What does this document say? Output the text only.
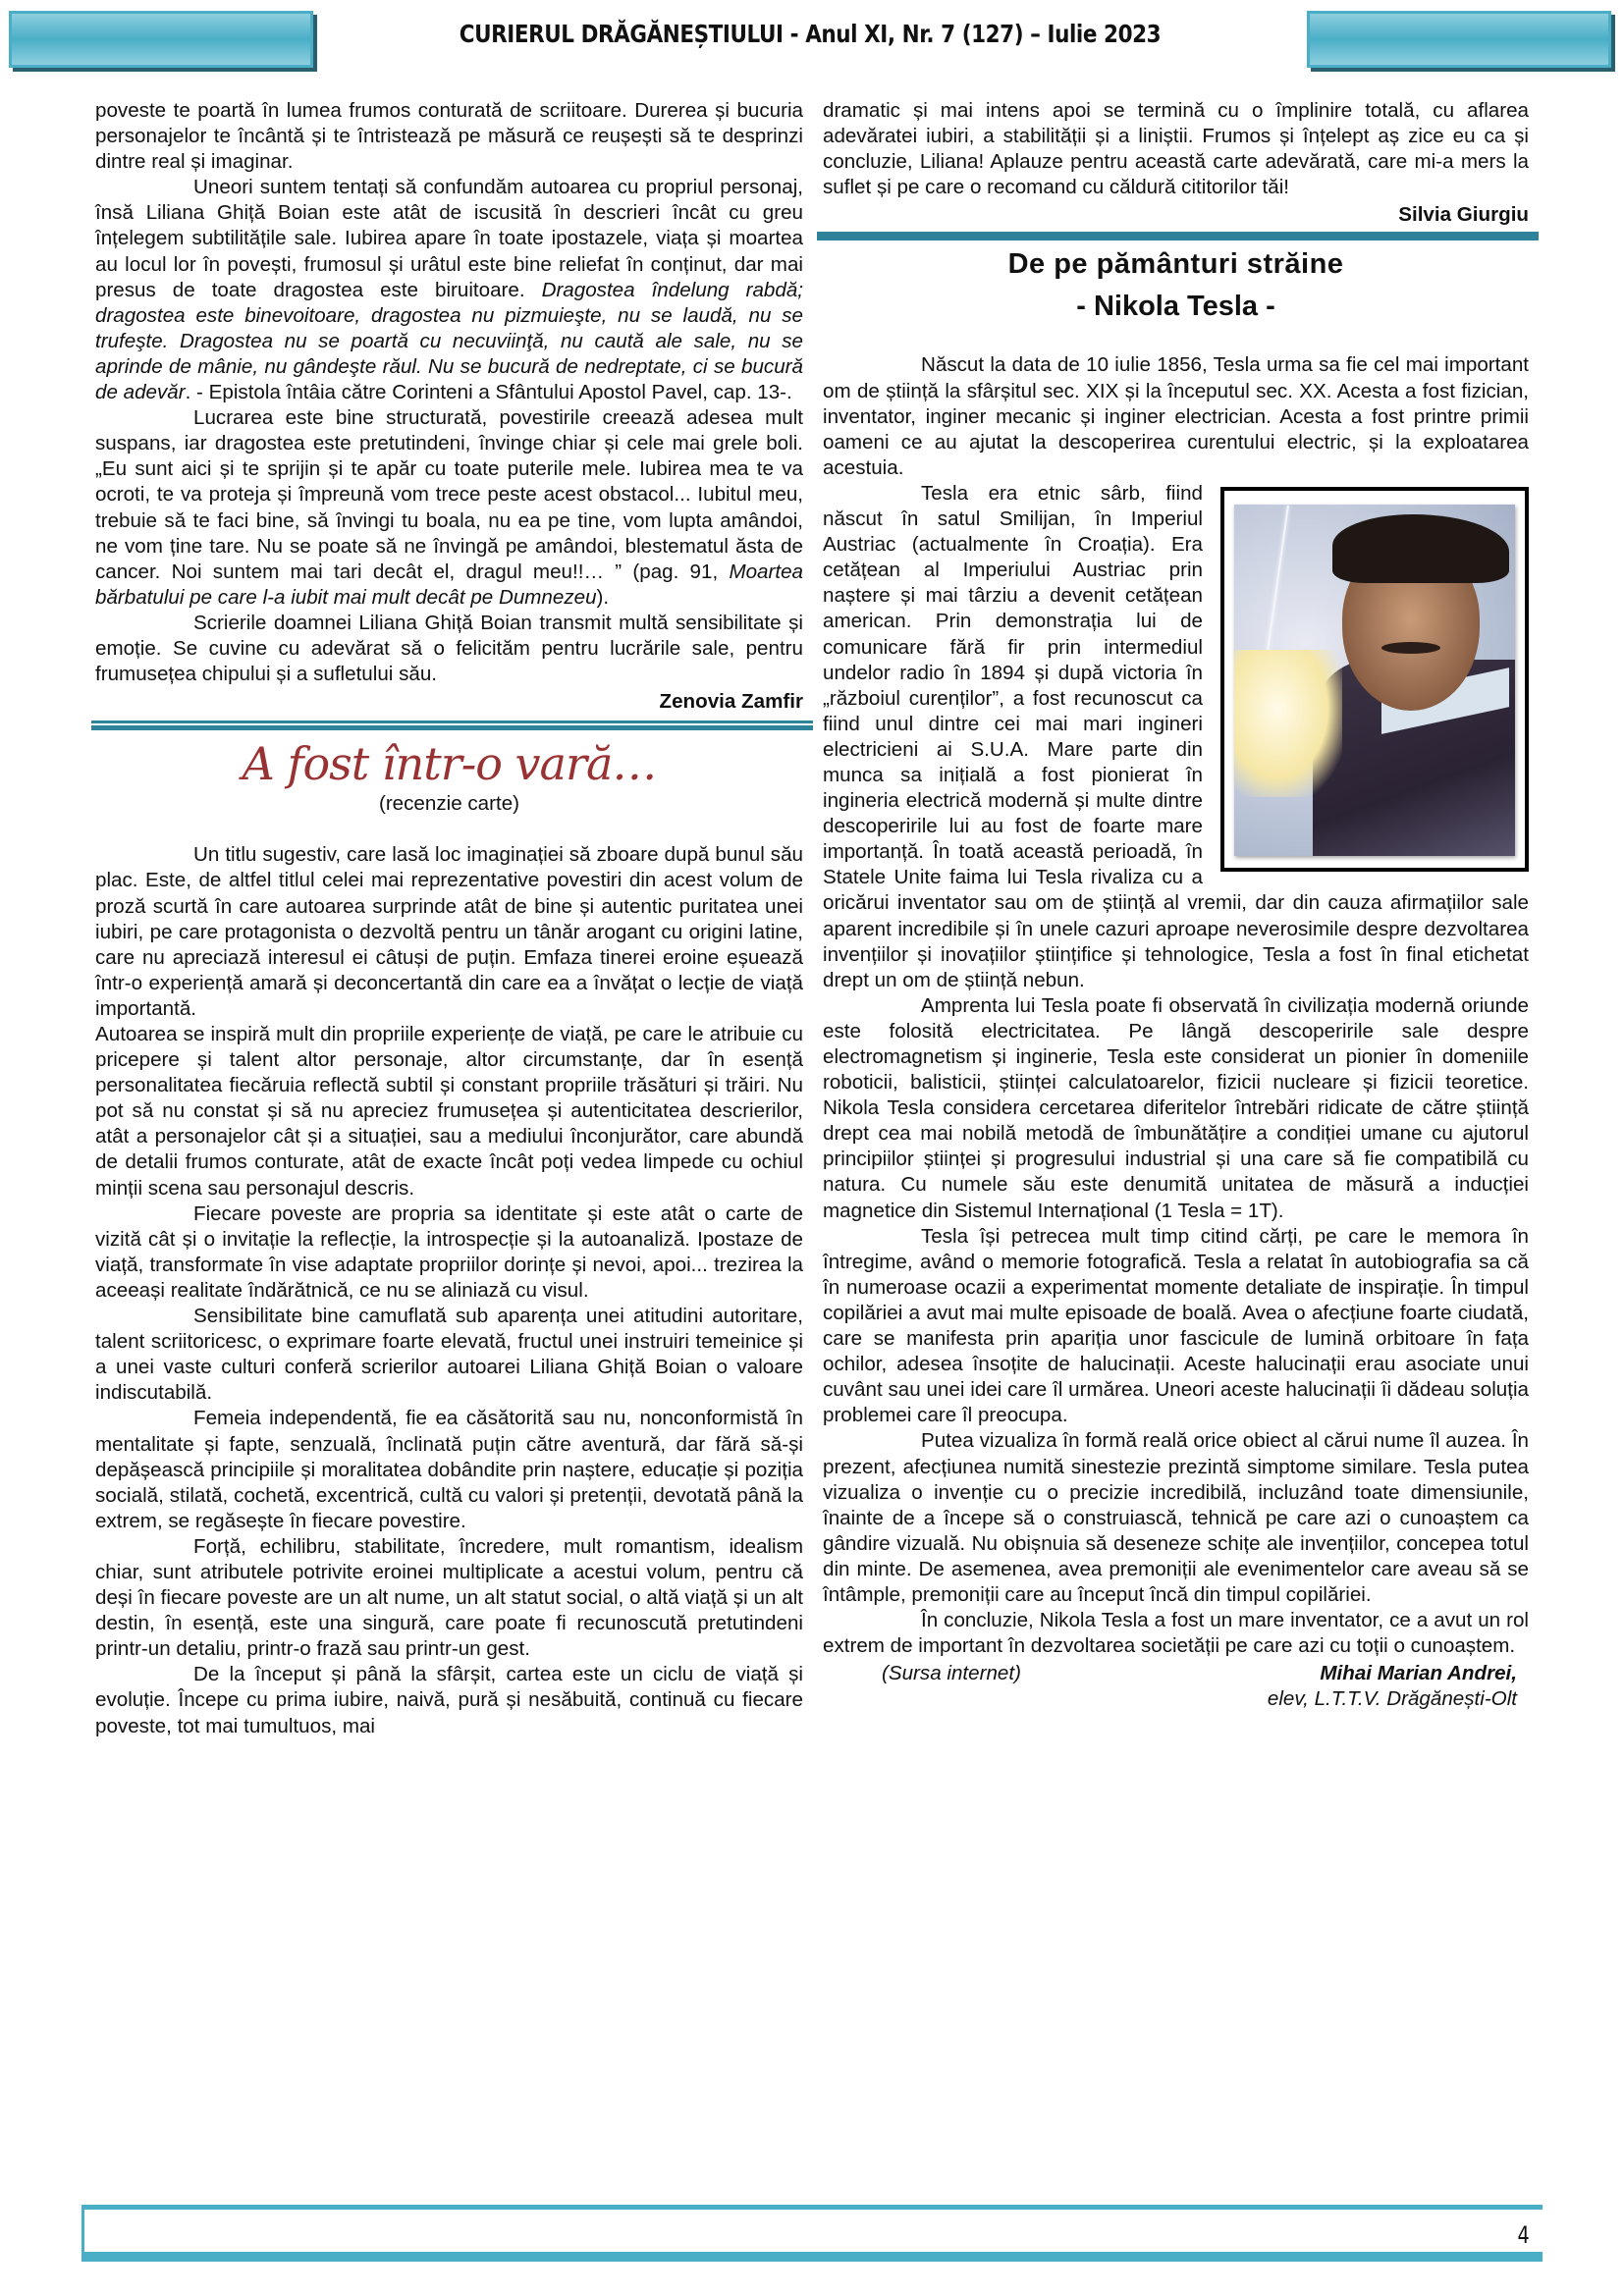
CURIERUL DRĂGĂNEȘTIULUI - Anul XI, Nr. 7 (127) – Iulie 2023

poveste te poartă în lumea frumos conturată de scriitoare. Durerea și bucuria personajelor te încântă și te întristează pe măsură ce reușești să te desprinzi dintre real și imaginar.

Uneori suntem tentați să confundăm autoarea cu propriul personaj, însă Liliana Ghiță Boian este atât de iscusită în descrieri încât cu greu înțelegem subtilitățile sale. Iubirea apare în toate ipostazele, viața și moartea au locul lor în povești, frumosul și urâtul este bine reliefat în conținut, dar mai presus de toate dragostea este biruitoare. Dragostea îndelung rabdă; dragostea este binevoitoare, dragostea nu pizmuieşte, nu se laudă, nu se trufeşte. Dragostea nu se poartă cu necuviinţă, nu caută ale sale, nu se aprinde de mânie, nu gândeşte răul. Nu se bucură de nedreptate, ci se bucură de adevăr. - Epistola întâia către Corinteni a Sfântului Apostol Pavel, cap. 13-.

Lucrarea este bine structurată, povestirile creează adesea mult suspans, iar dragostea este pretutindeni, învinge chiar și cele mai grele boli. „Eu sunt aici și te sprijin și te apăr cu toate puterile mele. Iubirea mea te va ocroti, te va proteja și împreună vom trece peste acest obstacol... Iubitul meu, trebuie să te faci bine, să învingi tu boala, nu ea pe tine, vom lupta amândoi, ne vom ține tare. Nu se poate să ne învingă pe amândoi, blestematul ăsta de cancer. Noi suntem mai tari decât el, dragul meu!!… ” (pag. 91, Moartea bărbatului pe care l-a iubit mai mult decât pe Dumnezeu).

Scrierile doamnei Liliana Ghiță Boian transmit multă sensibilitate și emoție. Se cuvine cu adevărat să o felicităm pentru lucrările sale, pentru frumusețea chipului și a sufletului său.

Zenovia Zamfir

A fost într-o vară…

(recenzie carte)

Un titlu sugestiv, care lasă loc imaginației să zboare după bunul său plac. Este, de altfel titlul celei mai reprezentative povestiri din acest volum de proză scurtă în care autoarea surprinde atât de bine și autentic puritatea unei iubiri, pe care protagonista o dezvoltă pentru un tânăr arogant cu origini latine, care nu apreciază interesul ei câtuși de puțin. Emfaza tinerei eroine eșuează într-o experiență amară și deconcertantă din care ea a învățat o lecție de viață importantă.

Autoarea se inspiră mult din propriile experiențe de viață, pe care le atribuie cu pricepere și talent altor personaje, altor circumstanțe, dar în esență personalitatea fiecăruia reflectă subtil și constant propriile trăsături și trăiri. Nu pot să nu constat și să nu apreciez frumusețea și autenticitatea descrierilor, atât a personajelor cât și a situației, sau a mediului înconjurător, care abundă de detalii frumos conturate, atât de exacte încât poți vedea limpede cu ochiul minții scena sau personajul descris.

Fiecare poveste are propria sa identitate și este atât o carte de vizită cât și o invitație la reflecție, la introspecție și la autoanaliză. Ipostaze de viață, transformate în vise adaptate propriilor dorințe și nevoi, apoi... trezirea la aceeași realitate îndărătnică, ce nu se aliniază cu visul.

Sensibilitate bine camuflată sub aparența unei atitudini autoritare, talent scriitoricesc, o exprimare foarte elevată, fructul unei instruiri temeinice și a unei vaste culturi conferă scrierilor autoarei Liliana Ghiță Boian o valoare indiscutabilă.

Femeia independentă, fie ea căsătorită sau nu, nonconformistă în mentalitate și fapte, senzuală, înclinată puțin către aventură, dar fără să-și depășească principiile și moralitatea dobândite prin naștere, educație și poziția socială, stilată, cochetă, excentrică, cultă cu valori și pretenții, devotată până la extrem, se regăsește în fiecare povestire.

Forță, echilibru, stabilitate, încredere, mult romantism, idealism chiar, sunt atributele potrivite eroinei multiplicate a acestui volum, pentru că deși în fiecare poveste are un alt nume, un alt statut social, o altă viață și un alt destin, în esență, este una singură, care poate fi recunoscută pretutindeni printr-un detaliu, printr-o frază sau printr-un gest.

De la început și până la sfârșit, cartea este un ciclu de viață și evoluție. Începe cu prima iubire, naivă, pură și nesăbuită, continuă cu fiecare poveste, tot mai tumultuos, mai

dramatic și mai intens apoi se termină cu o împlinire totală, cu aflarea adevăratei iubiri, a stabilității și a liniștii. Frumos și înțelept aș zice eu ca și concluzie, Liliana! Aplauze pentru această carte adevărată, care mi-a mers la suflet și pe care o recomand cu căldură cititorilor tăi!

Silvia Giurgiu

De pe pământuri străine

- Nikola Tesla -

Născut la data de 10 iulie 1856, Tesla urma sa fie cel mai important om de știință la sfârșitul sec. XIX și la începutul sec. XX. Acesta a fost fizician, inventator, inginer mecanic și inginer electrician. Acesta a fost printre primii oameni ce au ajutat la descoperirea curentului electric, și la exploatarea acestuia.

Tesla era etnic sârb, fiind născut în satul Smilijan, în Imperiul Austriac (actualmente în Croația). Era cetățean al Imperiului Austriac prin naștere și mai târziu a devenit cetățean american. Prin demonstrația lui de comunicare fără fir prin intermediul undelor radio în 1894 și după victoria în „războiul curenților”, a fost recunoscut ca fiind unul dintre cei mai mari ingineri electricieni ai S.U.A. Mare parte din munca sa inițială a fost pionierat în ingineria electrică modernă și multe dintre descoperirile lui au fost de foarte mare importanță. În toată această perioadă, în Statele Unite faima lui Tesla rivaliza cu a oricărui inventator sau om de știință al vremii, dar din cauza afirmațiilor sale aparent incredibile și în unele cazuri aproape neverosimile despre dezvoltarea invențiilor și inovațiilor științifice și tehnologice, Tesla a fost în final etichetat drept un om de știință nebun.

Amprenta lui Tesla poate fi observată în civilizația modernă oriunde este folosită electricitatea. Pe lângă descoperirile sale despre electromagnetism și inginerie, Tesla este considerat un pionier în domeniile roboticii, balisticii, științei calculatoarelor, fizicii nucleare și fizicii teoretice. Nikola Tesla considera cercetarea diferitelor întrebări ridicate de către știință drept cea mai nobilă metodă de îmbunătățire a condiției umane cu ajutorul principiilor științei și progresului industrial și una care să fie compatibilă cu natura. Cu numele său este denumită unitatea de măsură a inducției magnetice din Sistemul Internațional (1 Tesla = 1T).

Tesla își petrecea mult timp citind cărți, pe care le memora în întregime, având o memorie fotografică. Tesla a relatat în autobiografia sa că în numeroase ocazii a experimentat momente detaliate de inspirație. În timpul copilăriei a avut mai multe episoade de boală. Avea o afecțiune foarte ciudată, care se manifesta prin apariția unor fascicule de lumină orbitoare în fața ochilor, adesea însoțite de halucinații. Aceste halucinații erau asociate unui cuvânt sau unei idei care îl urmărea. Uneori aceste halucinații îi dădeau soluția problemei care îl preocupa.

Putea vizualiza în formă reală orice obiect al cărui nume îl auzea. În prezent, afecțiunea numită sinestezie prezintă simptome similare. Tesla putea vizualiza o invenție cu o precizie incredibilă, incluzând toate dimensiunile, înainte de a începe să o construiască, tehnică pe care azi o cunoaștem ca gândire vizuală. Nu obișnuia să deseneze schițe ale invențiilor, concepea totul din minte. De asemenea, avea premoniții ale evenimentelor care aveau să se întâmple, premoniții care au început încă din timpul copilăriei.

În concluzie, Nikola Tesla a fost un mare inventator, ce a avut un rol extrem de important în dezvoltarea societății pe care azi cu toții o cunoaștem.

(Sursa internet)	Mihai Marian Andrei,
elev, L.T.T.V. Drăgănești-Olt
4
